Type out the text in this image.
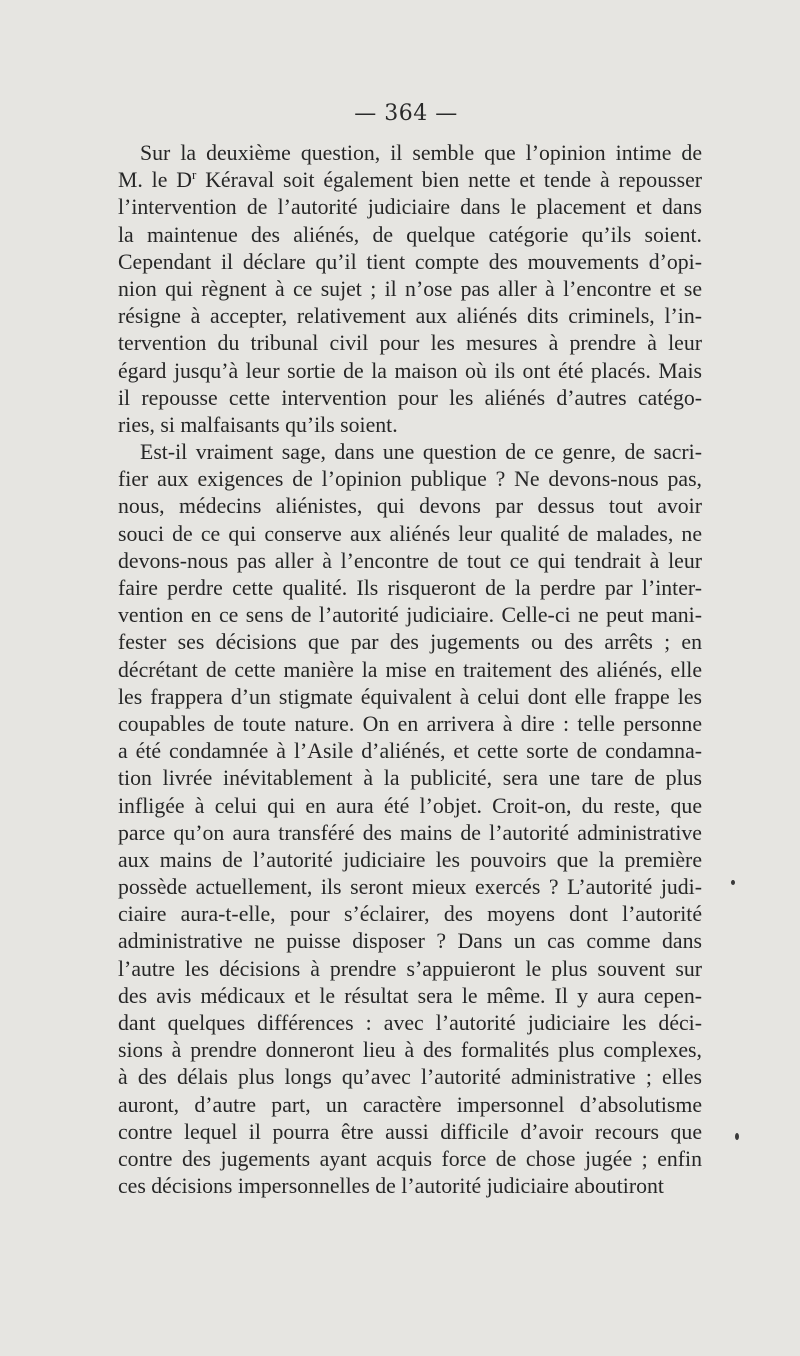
— 364 —
Sur la deuxième question, il semble que l’opinion intime de
M. le $D^r$ Kéraval soit également bien nette et tende à repousser
l’intervention de l’autorité judiciaire dans le placement et dans
la maintenue des aliénés, de quelque catégorie qu’ils soient.
Cependant il déclare qu’il tient compte des mouvements d’opi-
nion qui règnent à ce sujet ; il n’ose pas aller à l’encontre et se
résigne à accepter, relativement aux aliénés dits criminels, l’in-
tervention du tribunal civil pour les mesures à prendre à leur
égard jusqu’à leur sortie de la maison où ils ont été placés. Mais
il repousse cette intervention pour les aliénés d’autres catégo-
ries, si malfaisants qu’ils soient.
Est-il vraiment sage, dans une question de ce genre, de sacri-
fier aux exigences de l’opinion publique ? Ne devons-nous pas,
nous, médecins aliénistes, qui devons par dessus tout avoir
souci de ce qui conserve aux aliénés leur qualité de malades, ne
devons-nous pas aller à l’encontre de tout ce qui tendrait à leur
faire perdre cette qualité. Ils risqueront de la perdre par l’inter-
vention en ce sens de l’autorité judiciaire. Celle-ci ne peut mani-
fester ses décisions que par des jugements ou des arrêts ; en
décrétant de cette manière la mise en traitement des aliénés, elle
les frappera d’un stigmate équivalent à celui dont elle frappe les
coupables de toute nature. On en arrivera à dire : telle personne
a été condamnée à l’Asile d’aliénés, et cette sorte de condamna-
tion livrée inévitablement à la publicité, sera une tare de plus
infligée à celui qui en aura été l’objet. Croit-on, du reste, que
parce qu’on aura transféré des mains de l’autorité administrative
aux mains de l’autorité judiciaire les pouvoirs que la première
possède actuellement, ils seront mieux exercés ? L’autorité judi-
ciaire aura-t-elle, pour s’éclairer, des moyens dont l’autorité
administrative ne puisse disposer ? Dans un cas comme dans
l’autre les décisions à prendre s’appuieront le plus souvent sur
des avis médicaux et le résultat sera le même. Il y aura cepen-
dant quelques différences : avec l’autorité judiciaire les déci-
sions à prendre donneront lieu à des formalités plus complexes,
à des délais plus longs qu’avec l’autorité administrative ; elles
auront, d’autre part, un caractère impersonnel d’absolutisme
contre lequel il pourra être aussi difficile d’avoir recours que
contre des jugements ayant acquis force de chose jugée ; enfin
ces décisions impersonnelles de l’autorité judiciaire aboutiront
